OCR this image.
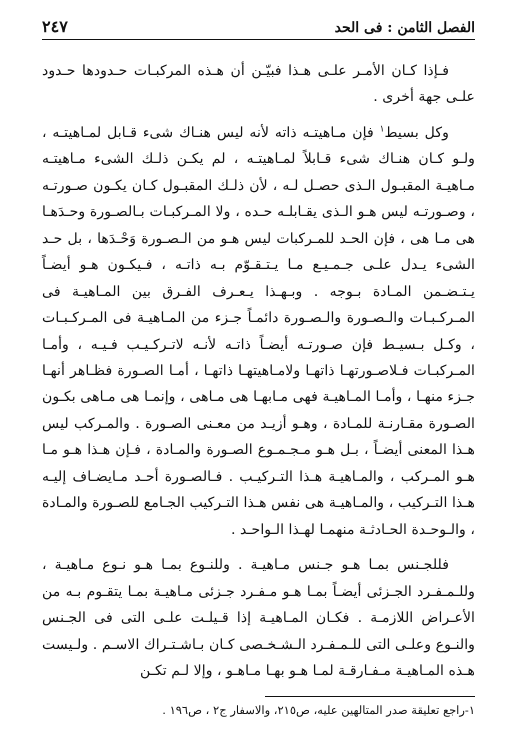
الفصل الثامن : فى الحد
٢٤٧

فـإذا كـان الأمـر علـى هـذا فبيّـن أن هـذه المركبـات حـدودها حـدود علـى جهة أخرى .

وكل بسيط$^١$ فإن مـاهيتـه ذاته لأنه ليس هنـاك شىء قـابل لمـاهيتـه ، ولـو كـان هنـاك شىء قـابلاً لمـاهيتـه ، لم يكـن ذلـك الشىء مـاهيتـه مـاهيـة المقبـول الـذى حصـل لـه ، لأن ذلـك المقبـول كـان يكـون صـورتـه ، وصـورتـه ليس هـو الـذى يقـابلـه حـده ، ولا المـركبـات بـالصـورة وحـدَهـا هى مـا هى ، فإن الحـد للمـركبات ليس هـو من الـصـورة وَحْـدَها ، بل حـد الشىء يـدل علـى جـمـيـع مـا يـتـقـوّم بـه ذاتـه ، فـيكـون هـو أيضـاً يـتـضـمن المـادة بـوجه . وبـهـذا يـعـرف الفـرق بين المـاهيـة فى المـركـبـات والـصـورة والـصـورة دائمـاً جـزء من المـاهيـة فى المـركـبـات ، وكـل بـسيـط فإن صـورتـه أيضـاً ذاتـه لأنـه لاتـركـيـب فـيـه ، وأمـا المـركبـات فـلاصـورتهـا ذاتهـا ولامـاهيتهـا ذاتهـا ، أمـا الصـورة فظـاهر أنهـا جـزء منهـا ، وأمـا المـاهيـة فهى مـابهـا هى مـاهى ، وإنمـا هى مـاهى بكـون الصـورة مقـارنـة للمـادة ، وهـو أزيـد من معـنى الصـورة . والمـركب ليس هـذا المعنى أيضـاً ، بـل هـو مـجـمـوع الصـورة والمـادة ، فـإن هـذا هـو مـا هـو المـركب ، والمـاهيـة هـذا التـركيـب . فـالصـورة أحـد مـايضـاف إليـه هـذا التـركيب ، والمـاهيـة هى نفس هـذا التـركيب الجـامع للصـورة والمـادة ، والـوحـدة الحـادثـة منهمـا لهـذا الـواحـد .

فللجـنس بمـا هـو جـنس مـاهيـة . وللنـوع بمـا هـو نـوع مـاهيـة ، وللـمـفـرد الجـزئى أيضـاً بمـا هـو مـفـرد جـزئى مـاهيـة بمـا يتقـوم بـه من الأعـراض اللازمـة . فكـان المـاهيـة إذا قـيلـت علـى التى فى الجـنس والنـوع وعلـى التى للـمـفـرد الـشـخـصى كـان بـاشـتـراك الاسـم . ولـيست هـذه المـاهيـة مـفـارقـة لمـا هـو بهـا مـاهـو ، وإلا لـم تكـن

١-راجع تعليقة صدر المتالهين عليه، ص٢١٥، والاسفار ج٢ ، ص١٩٦ .
